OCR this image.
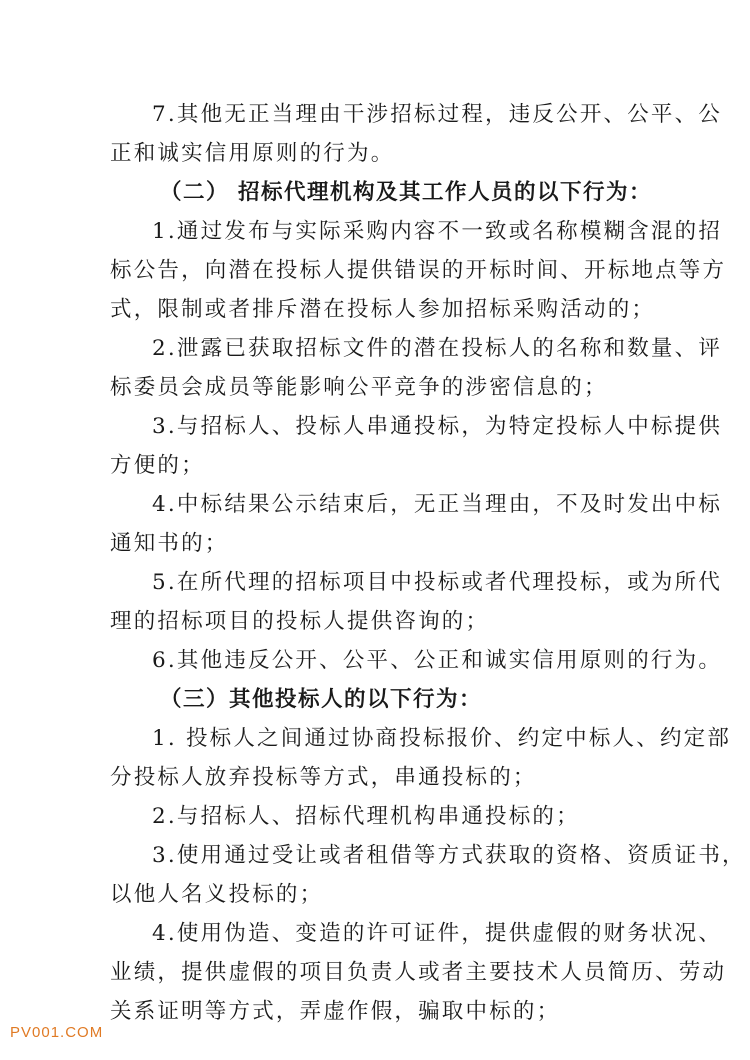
7.其他无正当理由干涉招标过程，违反公开、公平、公
正和诚实信用原则的行为。
（二） 招标代理机构及其工作人员的以下行为：
1.通过发布与实际采购内容不一致或名称模糊含混的招
标公告，向潜在投标人提供错误的开标时间、开标地点等方
式，限制或者排斥潜在投标人参加招标采购活动的；
2.泄露已获取招标文件的潜在投标人的名称和数量、评
标委员会成员等能影响公平竞争的涉密信息的；
3.与招标人、投标人串通投标，为特定投标人中标提供
方便的；
4.中标结果公示结束后，无正当理由，不及时发出中标
通知书的；
5.在所代理的招标项目中投标或者代理投标，或为所代
理的招标项目的投标人提供咨询的；
6.其他违反公开、公平、公正和诚实信用原则的行为。
（三）其他投标人的以下行为：
1. 投标人之间通过协商投标报价、约定中标人、约定部
分投标人放弃投标等方式，串通投标的；
2.与招标人、招标代理机构串通投标的；
3.使用通过受让或者租借等方式获取的资格、资质证书，
以他人名义投标的；
4.使用伪造、变造的许可证件，提供虚假的财务状况、
业绩，提供虚假的项目负责人或者主要技术人员简历、劳动
关系证明等方式，弄虚作假，骗取中标的；
PV001.COM
